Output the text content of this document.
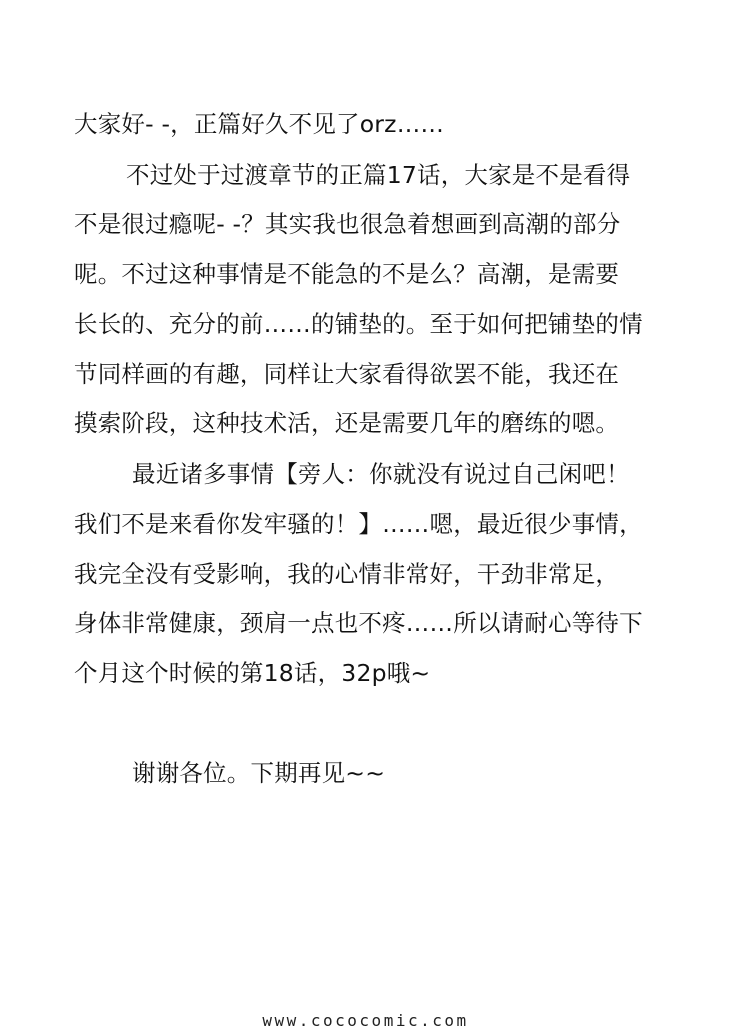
大家好- -，正篇好久不见了orz……

不过处于过渡章节的正篇17话，大家是不是看得

不是很过瘾呢- -？其实我也很急着想画到高潮的部分

呢。不过这种事情是不能急的不是么？高潮，是需要

长长的、充分的前……的铺垫的。至于如何把铺垫的情

节同样画的有趣，同样让大家看得欲罢不能，我还在

摸索阶段，这种技术活，还是需要几年的磨练的嗯。

最近诸多事情【旁人：你就没有说过自己闲吧！

我们不是来看你发牢骚的！】……嗯，最近很少事情，

我完全没有受影响，我的心情非常好，干劲非常足，

身体非常健康，颈肩一点也不疼……所以请耐心等待下

个月这个时候的第18话，32p哦~

谢谢各位。下期再见~~

www.cococomic.com
